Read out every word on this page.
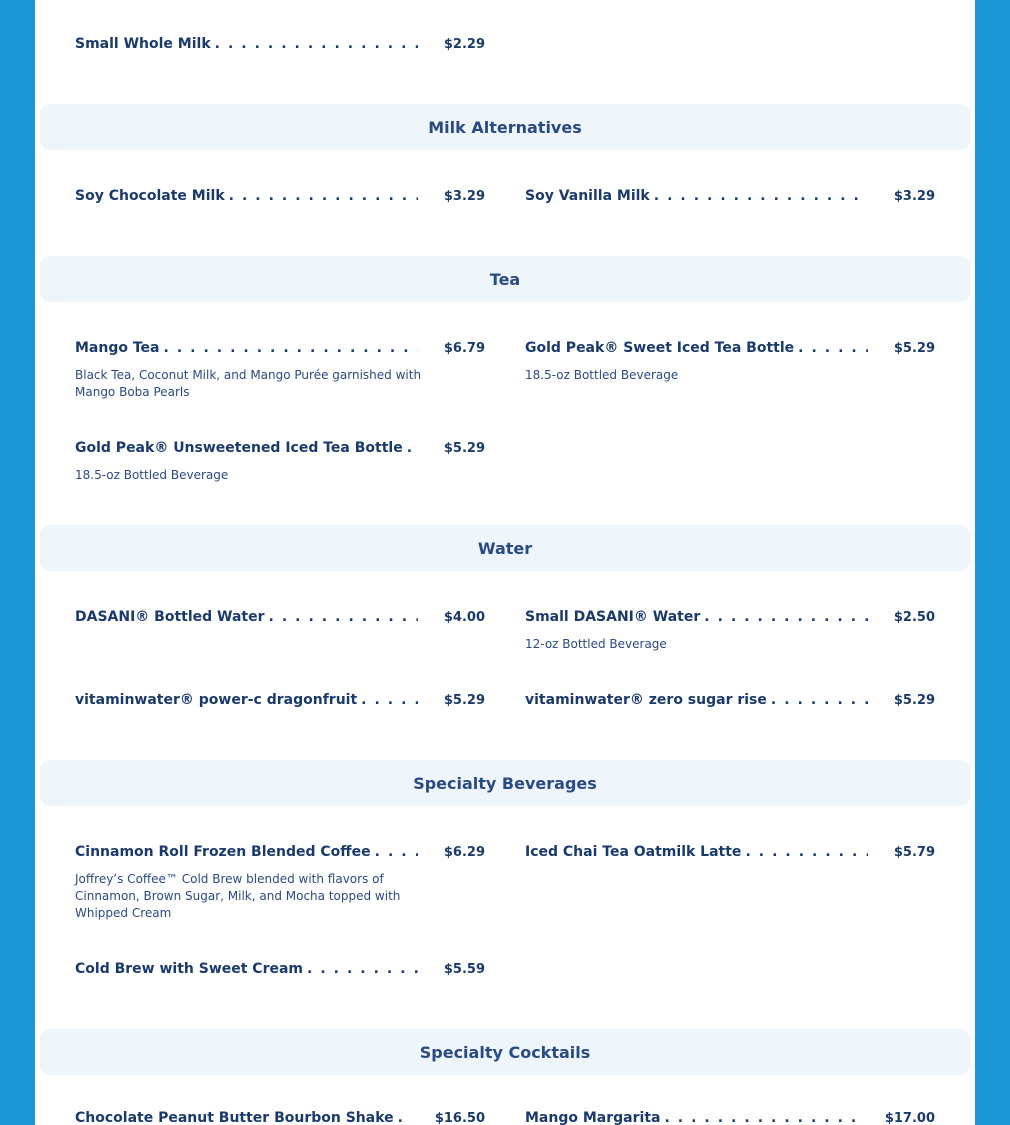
Small Whole Milk .....	$2.29
Milk Alternatives
Soy Chocolate Milk .....	$3.29	Soy Vanilla Milk .....	$3.29
Tea
Mango Tea .....	$6.79
Black Tea, Coconut Milk, and Mango Purée garnished with Mango Boba Pearls
Gold Peak® Sweet Iced Tea Bottle .....	$5.29
18.5-oz Bottled Beverage
Gold Peak® Unsweetened Iced Tea Bottle .....	$5.29
18.5-oz Bottled Beverage
Water
DASANI® Bottled Water .....	$4.00	Small DASANI® Water .....	$2.50
12-oz Bottled Beverage
vitaminwater® power-c dragonfruit .....	$5.29	vitaminwater® zero sugar rise .....	$5.29
Specialty Beverages
Cinnamon Roll Frozen Blended Coffee .....	$6.29
Joffrey’s Coffee™ Cold Brew blended with flavors of Cinnamon, Brown Sugar, Milk, and Mocha topped with Whipped Cream
Iced Chai Tea Oatmilk Latte .....	$5.79
Cold Brew with Sweet Cream .....	$5.59
Specialty Cocktails
Chocolate Peanut Butter Bourbon Shake .....	$16.50	Mango Margarita .....	$17.00
